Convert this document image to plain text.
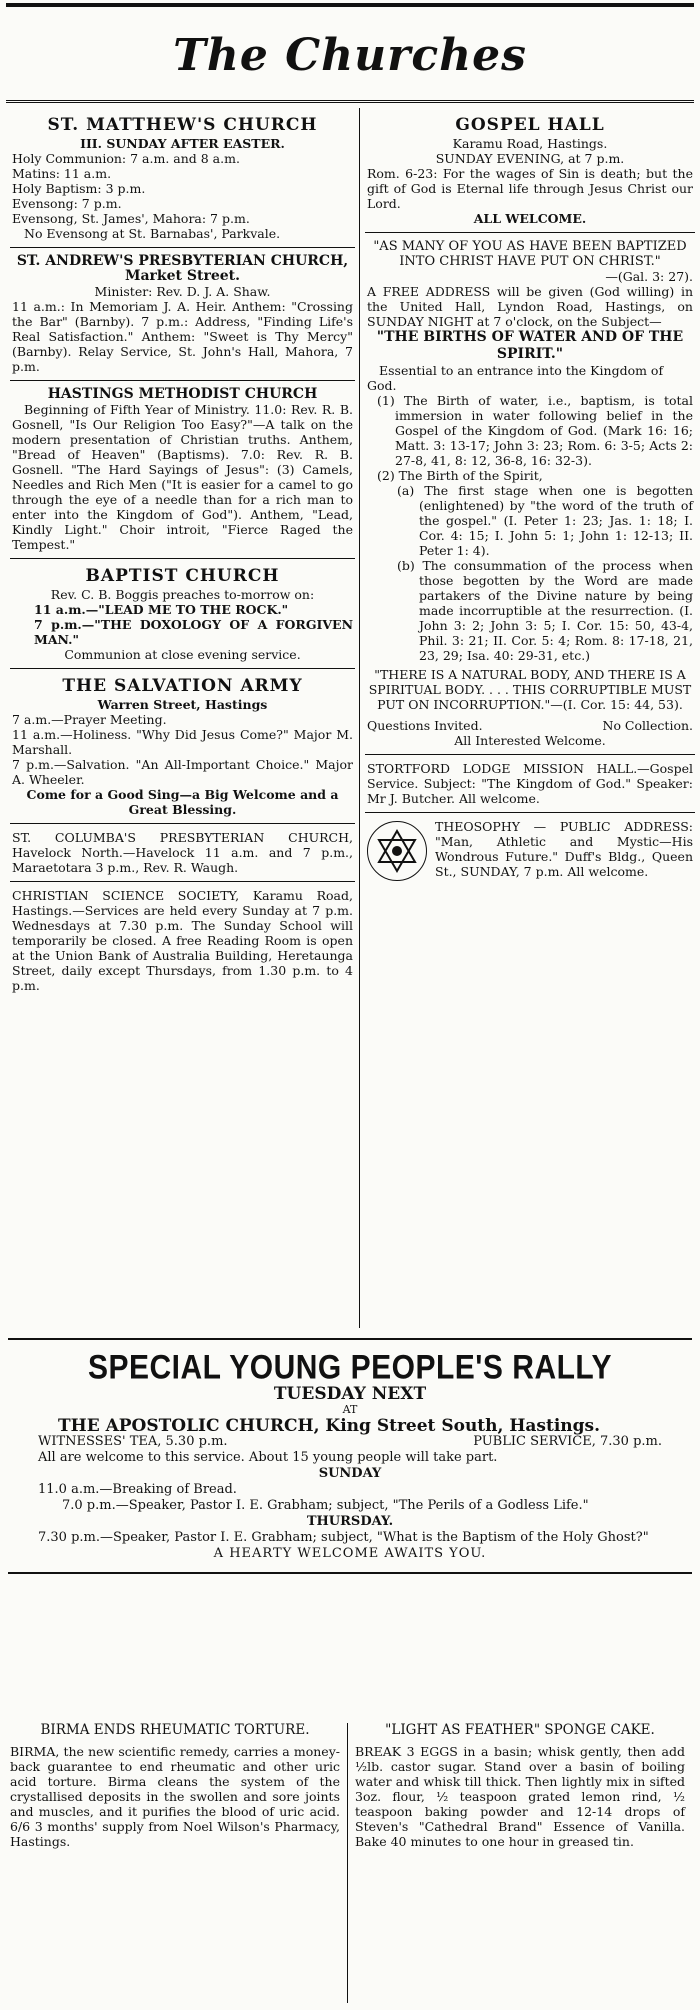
The Churches

ST. MATTHEW'S CHURCH

III. SUNDAY AFTER EASTER.

Holy Communion: 7 a.m. and 8 a.m.

Matins: 11 a.m.

Holy Baptism: 3 p.m.

Evensong: 7 p.m.

Evensong, St. James', Mahora: 7 p.m.

No Evensong at St. Barnabas', Parkvale.

ST. ANDREW'S PRESBYTERIAN CHURCH, Market Street.

Minister: Rev. D. J. A. Shaw.

11 a.m.: In Memoriam J. A. Heir. Anthem: "Crossing the Bar" (Barnby). 7 p.m.: Address, "Finding Life's Real Satisfaction." Anthem: "Sweet is Thy Mercy" (Barnby). Relay Service, St. John's Hall, Mahora, 7 p.m.

HASTINGS METHODIST CHURCH

Beginning of Fifth Year of Ministry. 11.0: Rev. R. B. Gosnell, "Is Our Religion Too Easy?"—A talk on the modern presentation of Christian truths. Anthem, "Bread of Heaven" (Baptisms). 7.0: Rev. R. B. Gosnell. "The Hard Sayings of Jesus": (3) Camels, Needles and Rich Men ("It is easier for a camel to go through the eye of a needle than for a rich man to enter into the Kingdom of God"). Anthem, "Lead, Kindly Light." Choir introit, "Fierce Raged the Tempest."

BAPTIST CHURCH

Rev. C. B. Boggis preaches to-morrow on:

11 a.m.—"LEAD ME TO THE ROCK."

7 p.m.—"THE DOXOLOGY OF A FORGIVEN MAN."

Communion at close evening service.

THE SALVATION ARMY

Warren Street, Hastings

7 a.m.—Prayer Meeting.

11 a.m.—Holiness. "Why Did Jesus Come?" Major M. Marshall.

7 p.m.—Salvation. "An All-Important Choice." Major A. Wheeler.

Come for a Good Sing—a Big Welcome and a Great Blessing.

ST. COLUMBA'S PRESBYTERIAN CHURCH, Havelock North.—Havelock 11 a.m. and 7 p.m., Maraetotara 3 p.m., Rev. R. Waugh.

CHRISTIAN SCIENCE SOCIETY, Karamu Road, Hastings.—Services are held every Sunday at 7 p.m. Wednesdays at 7.30 p.m. The Sunday School will temporarily be closed. A free Reading Room is open at the Union Bank of Australia Building, Heretaunga Street, daily except Thursdays, from 1.30 p.m. to 4 p.m.

GOSPEL HALL

Karamu Road, Hastings.

SUNDAY EVENING, at 7 p.m.

Rom. 6-23: For the wages of Sin is death; but the gift of God is Eternal life through Jesus Christ our Lord.

ALL WELCOME.

"AS MANY OF YOU AS HAVE BEEN BAPTIZED INTO CHRIST HAVE PUT ON CHRIST."

—(Gal. 3: 27).

A FREE ADDRESS will be given (God willing) in the United Hall, Lyndon Road, Hastings, on SUNDAY NIGHT at 7 o'clock, on the Subject—

"THE BIRTHS OF WATER AND OF THE SPIRIT."

Essential to an entrance into the Kingdom of God.

(1) The Birth of water, i.e., baptism, is total immersion in water following belief in the Gospel of the Kingdom of God. (Mark 16: 16; Matt. 3: 13-17; John 3: 23; Rom. 6: 3-5; Acts 2: 27-8, 41, 8: 12, 36-8, 16: 32-3).

(2) The Birth of the Spirit,

(a) The first stage when one is begotten (enlightened) by "the word of the truth of the gospel." (I. Peter 1: 23; Jas. 1: 18; I. Cor. 4: 15; I. John 5: 1; John 1: 12-13; II. Peter 1: 4).

(b) The consummation of the process when those begotten by the Word are made partakers of the Divine nature by being made incorruptible at the resurrection. (I. John 3: 2; John 3: 5; I. Cor. 15: 50, 43-4, Phil. 3: 21; II. Cor. 5: 4; Rom. 8: 17-18, 21, 23, 29; Isa. 40: 29-31, etc.)

"THERE IS A NATURAL BODY, AND THERE IS A SPIRITUAL BODY. . . . THIS CORRUPTIBLE MUST PUT ON INCORRUPTION."—(I. Cor. 15: 44, 53).

Questions Invited.	No Collection.

All Interested Welcome.

STORTFORD LODGE MISSION HALL.—Gospel Service. Subject: "The Kingdom of God." Speaker: Mr J. Butcher. All welcome.

THEOSOPHY — PUBLIC ADDRESS: "Man, Athletic and Mystic—His Wondrous Future." Duff's Bldg., Queen St., SUNDAY, 7 p.m. All welcome.

SPECIAL YOUNG PEOPLE'S RALLY

TUESDAY NEXT

AT

THE APOSTOLIC CHURCH, King Street South, Hastings.

WITNESSES' TEA, 5.30 p.m.	PUBLIC SERVICE, 7.30 p.m.

All are welcome to this service. About 15 young people will take part.

SUNDAY

11.0 a.m.—Breaking of Bread.

7.0 p.m.—Speaker, Pastor I. E. Grabham; subject, "The Perils of a Godless Life."

THURSDAY.

7.30 p.m.—Speaker, Pastor I. E. Grabham; subject, "What is the Baptism of the Holy Ghost?"

A HEARTY WELCOME AWAITS YOU.

BIRMA ENDS RHEUMATIC TORTURE.

BIRMA, the new scientific remedy, carries a money-back guarantee to end rheumatic and other uric acid torture. Birma cleans the system of the crystallised deposits in the swollen and sore joints and muscles, and it purifies the blood of uric acid. 6/6 3 months' supply from Noel Wilson's Pharmacy, Hastings.

"LIGHT AS FEATHER" SPONGE CAKE.

BREAK 3 EGGS in a basin; whisk gently, then add ½lb. castor sugar. Stand over a basin of boiling water and whisk till thick. Then lightly mix in sifted 3oz. flour, ½ teaspoon grated lemon rind, ½ teaspoon baking powder and 12-14 drops of Steven's "Cathedral Brand" Essence of Vanilla. Bake 40 minutes to one hour in greased tin.
